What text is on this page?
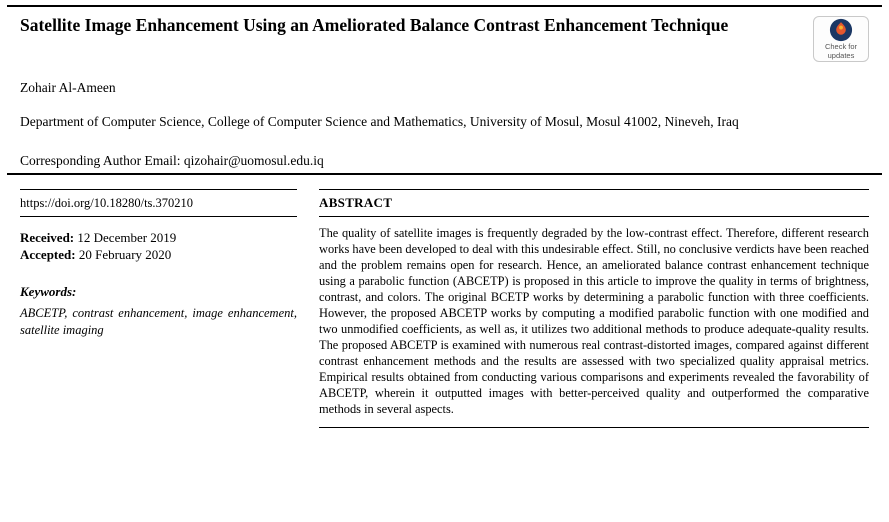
Satellite Image Enhancement Using an Ameliorated Balance Contrast Enhancement Technique
Check for
updates

Zohair Al-Ameen

Department of Computer Science, College of Computer Science and Mathematics, University of Mosul, Mosul 41002, Nineveh, Iraq

Corresponding Author Email: qizohair@uomosul.edu.iq

https://doi.org/10.18280/ts.370210
Received: 12 December 2019
Accepted: 20 February 2020

Keywords:

ABCETP, contrast enhancement, image enhancement, satellite imaging

ABSTRACT

The quality of satellite images is frequently degraded by the low-contrast effect. Therefore, different research works have been developed to deal with this undesirable effect. Still, no conclusive verdicts have been reached and the problem remains open for research. Hence, an ameliorated balance contrast enhancement technique using a parabolic function (ABCETP) is proposed in this article to improve the quality in terms of brightness, contrast, and colors. The original BCETP works by determining a parabolic function with three coefficients. However, the proposed ABCETP works by computing a modified parabolic function with one modified and two unmodified coefficients, as well as, it utilizes two additional methods to produce adequate-quality results. The proposed ABCETP is examined with numerous real contrast-distorted images, compared against different contrast enhancement methods and the results are assessed with two specialized quality appraisal metrics. Empirical results obtained from conducting various comparisons and experiments revealed the favorability of ABCETP, wherein it outputted images with better-perceived quality and outperformed the comparative methods in several aspects.
